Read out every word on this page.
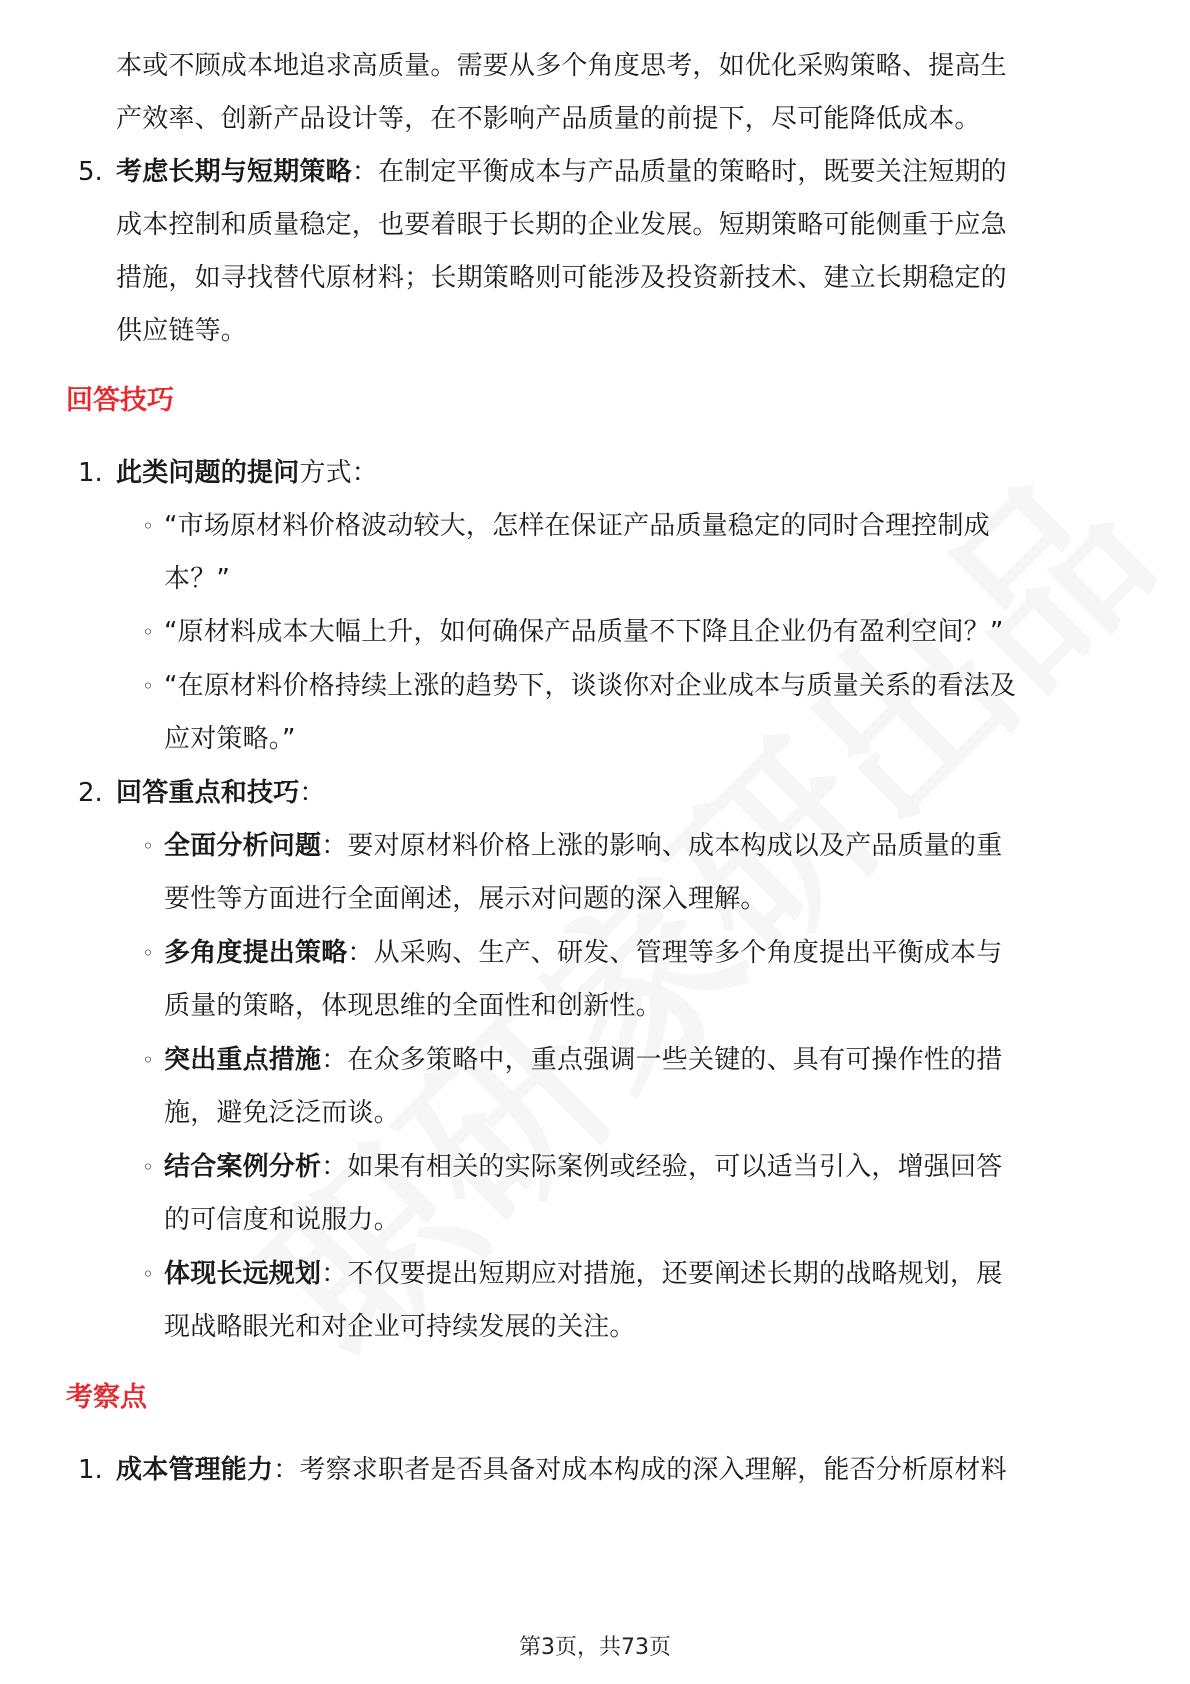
本或不顾成本地追求高质量。需要从多个角度思考，如优化采购策略、提高生
产效率、创新产品设计等，在不影响产品质量的前提下，尽可能降低成本。
5. 考虑长期与短期策略：在制定平衡成本与产品质量的策略时，既要关注短期的
成本控制和质量稳定，也要着眼于长期的企业发展。短期策略可能侧重于应急
措施，如寻找替代原材料；长期策略则可能涉及投资新技术、建立长期稳定的
供应链等。
回答技巧
1. 此类问题的提问方式：
◦ “市场原材料价格波动较大，怎样在保证产品质量稳定的同时合理控制成
本？”
◦ “原材料成本大幅上升，如何确保产品质量不下降且企业仍有盈利空间？”
◦ “在原材料价格持续上涨的趋势下，谈谈你对企业成本与质量关系的看法及
应对策略。”
2. 回答重点和技巧：
◦ 全面分析问题：要对原材料价格上涨的影响、成本构成以及产品质量的重
要性等方面进行全面阐述，展示对问题的深入理解。
◦ 多角度提出策略：从采购、生产、研发、管理等多个角度提出平衡成本与
质量的策略，体现思维的全面性和创新性。
◦ 突出重点措施：在众多策略中，重点强调一些关键的、具有可操作性的措
施，避免泛泛而谈。
◦ 结合案例分析：如果有相关的实际案例或经验，可以适当引入，增强回答
的可信度和说服力。
◦ 体现长远规划：不仅要提出短期应对措施，还要阐述长期的战略规划，展
现战略眼光和对企业可持续发展的关注。
考察点
1. 成本管理能力：考察求职者是否具备对成本构成的深入理解，能否分析原材料
第3页，共73页
